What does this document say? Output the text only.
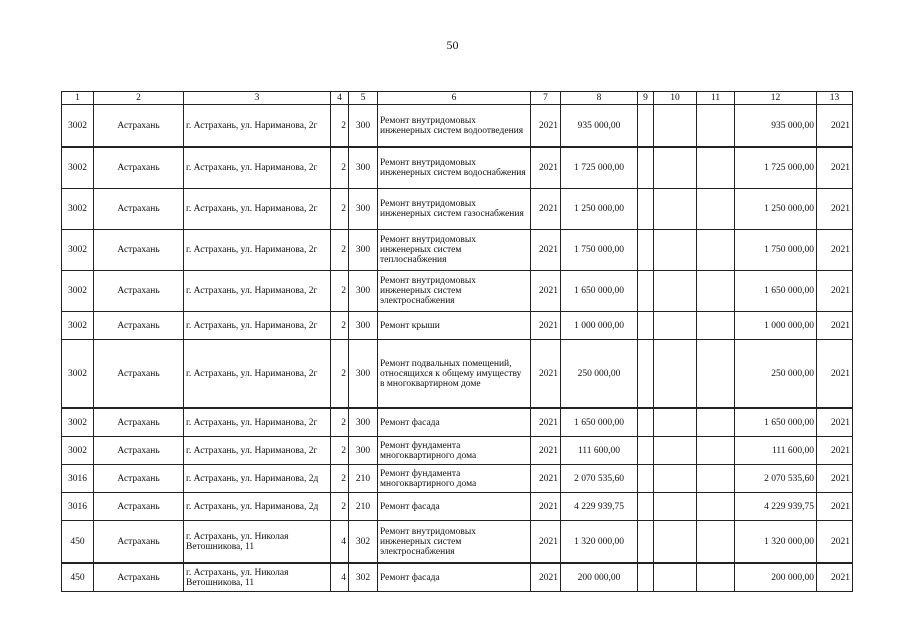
50
1	2	3	4	5	6	7	8	9	10	11	12	13
3002	Астрахань	г. Астрахань, ул. Нариманова, 2г	2	300	Ремонт внутридомовых инженерных систем водоотведения	2021	935 000,00				935 000,00	2021
3002	Астрахань	г. Астрахань, ул. Нариманова, 2г	2	300	Ремонт внутридомовых инженерных систем водоснабжения	2021	1 725 000,00				1 725 000,00	2021
3002	Астрахань	г. Астрахань, ул. Нариманова, 2г	2	300	Ремонт внутридомовых инженерных систем газоснабжения	2021	1 250 000,00				1 250 000,00	2021
3002	Астрахань	г. Астрахань, ул. Нариманова, 2г	2	300	Ремонт внутридомовых инженерных систем теплоснабжения	2021	1 750 000,00				1 750 000,00	2021
3002	Астрахань	г. Астрахань, ул. Нариманова, 2г	2	300	Ремонт внутридомовых инженерных систем электроснабжения	2021	1 650 000,00				1 650 000,00	2021
3002	Астрахань	г. Астрахань, ул. Нариманова, 2г	2	300	Ремонт крыши	2021	1 000 000,00				1 000 000,00	2021
3002	Астрахань	г. Астрахань, ул. Нариманова, 2г	2	300	Ремонт подвальных помещений, относящихся к общему имуществу в многоквартирном доме	2021	250 000,00				250 000,00	2021
3002	Астрахань	г. Астрахань, ул. Нариманова, 2г	2	300	Ремонт фасада	2021	1 650 000,00				1 650 000,00	2021
3002	Астрахань	г. Астрахань, ул. Нариманова, 2г	2	300	Ремонт фундамента многоквартирного дома	2021	111 600,00				111 600,00	2021
3016	Астрахань	г. Астрахань, ул. Нариманова, 2д	2	210	Ремонт фундамента многоквартирного дома	2021	2 070 535,60				2 070 535,60	2021
3016	Астрахань	г. Астрахань, ул. Нариманова, 2д	2	210	Ремонт фасада	2021	4 229 939,75				4 229 939,75	2021
450	Астрахань	г. Астрахань, ул. Николая Ветошникова, 11	4	302	Ремонт внутридомовых инженерных систем электроснабжения	2021	1 320 000,00				1 320 000,00	2021
450	Астрахань	г. Астрахань, ул. Николая Ветошникова, 11	4	302	Ремонт фасада	2021	200 000,00				200 000,00	2021
